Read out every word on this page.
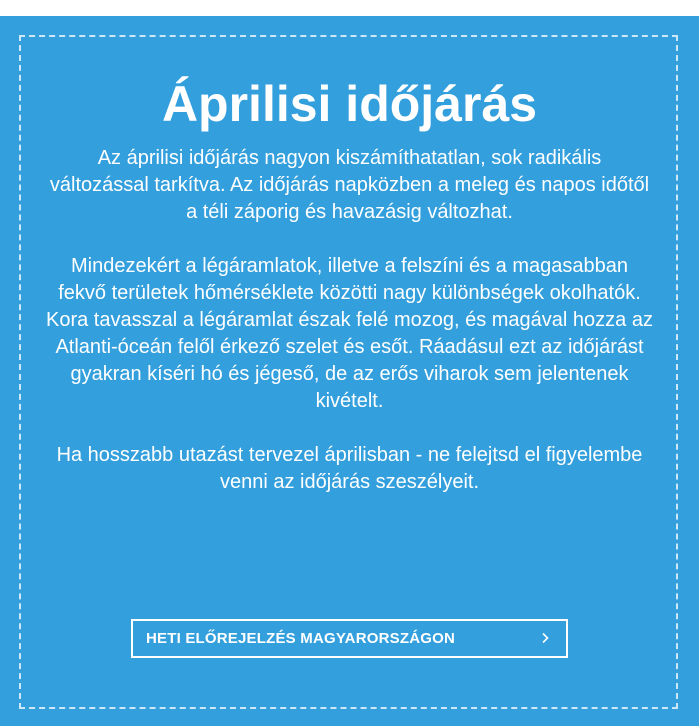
Áprilisi időjárás

Az áprilisi időjárás nagyon kiszámíthatatlan, sok radikális változással tarkítva. Az időjárás napközben a meleg és napos időtől a téli záporig és havazásig változhat.

Mindezekért a légáramlatok, illetve a felszíni és a magasabban fekvő területek hőmérséklete közötti nagy különbségek okolhatók. Kora tavasszal a légáramlat észak felé mozog, és magával hozza az Atlanti-óceán felől érkező szelet és esőt. Ráadásul ezt az időjárást gyakran kíséri hó és jégeső, de az erős viharok sem jelentenek kivételt.

Ha hosszabb utazást tervezel áprilisban - ne felejtsd el figyelembe venni az időjárás szeszélyeit.

HETI ELŐREJELZÉS MAGYARORSZÁGON
